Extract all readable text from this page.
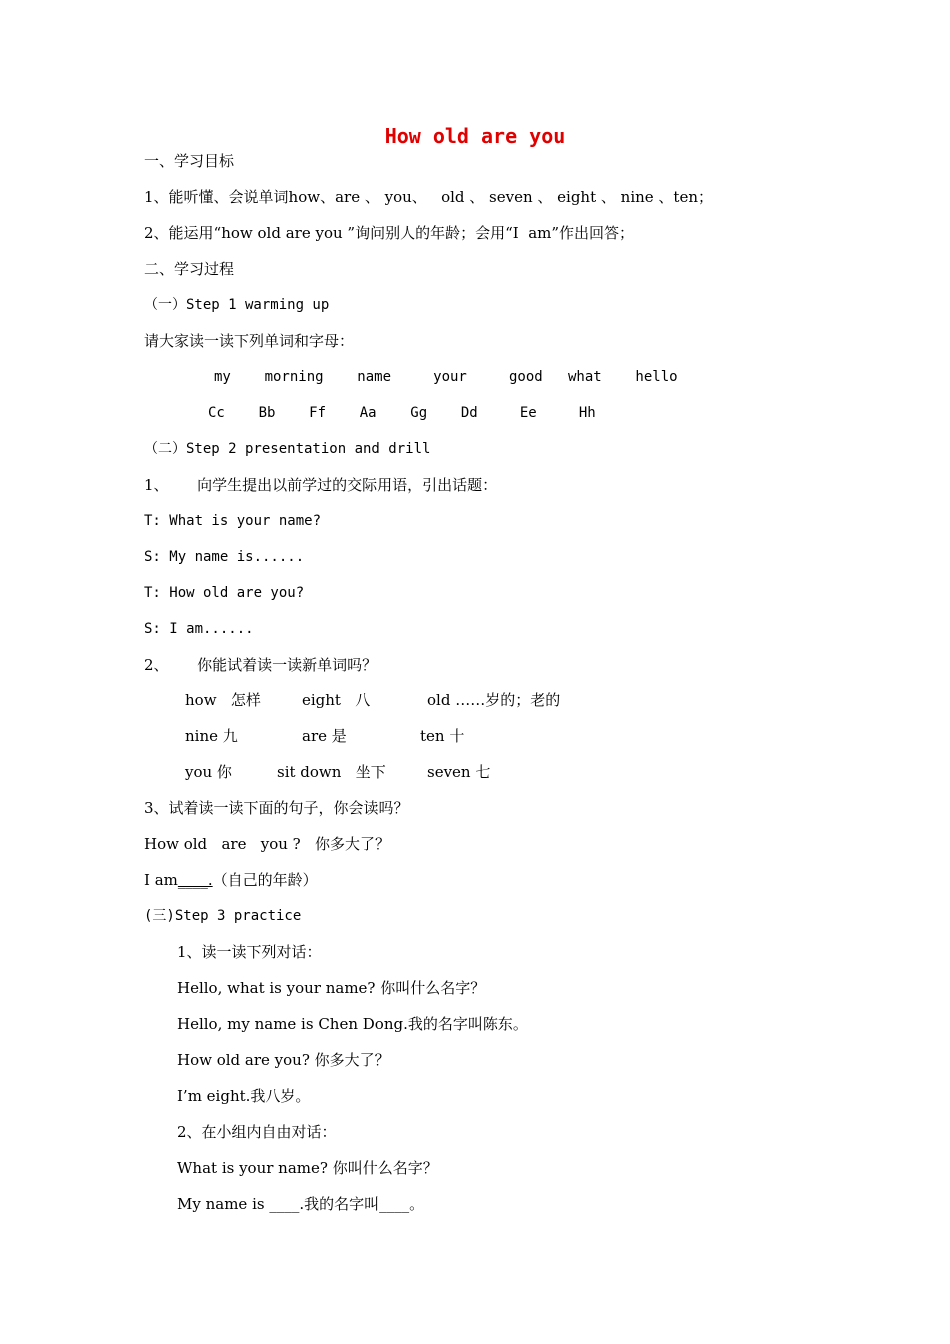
How old are you
一、学习目标
1、能听懂、会说单词how、are 、 you、   old 、 seven 、 eight 、 nine 、ten；
2、能运用“how old are you ”询问别人的年龄；会用“I  am”作出回答；
二、学习过程
（一）Step 1 warming up
请大家读一读下列单词和字母：
my    morning    name     your     good   what    hello
Cc    Bb    Ff    Aa    Gg    Dd     Ee     Hh
（二）Step 2 presentation and drill
1、      向学生提出以前学过的交际用语，引出话题：
T: What is your name?
S: My name is......
T: How old are you?
S: I am......
2、      你能试着读一读新单词吗？
how   怎样	eight   八	old ……岁的；老的
nine 九	are 是	ten 十
you 你	sit down   坐下	seven 七
3、试着读一读下面的句子，你会读吗？
How old   are   you ?   你多大了？
I am____.（自己的年龄）
(三)Step 3 practice
1、读一读下列对话：
Hello, what is your name? 你叫什么名字？
Hello, my name is Chen Dong.我的名字叫陈东。
How old are you? 你多大了？
I’m eight.我八岁。
2、在小组内自由对话：
What is your name? 你叫什么名字？
My name is ____.我的名字叫____。
